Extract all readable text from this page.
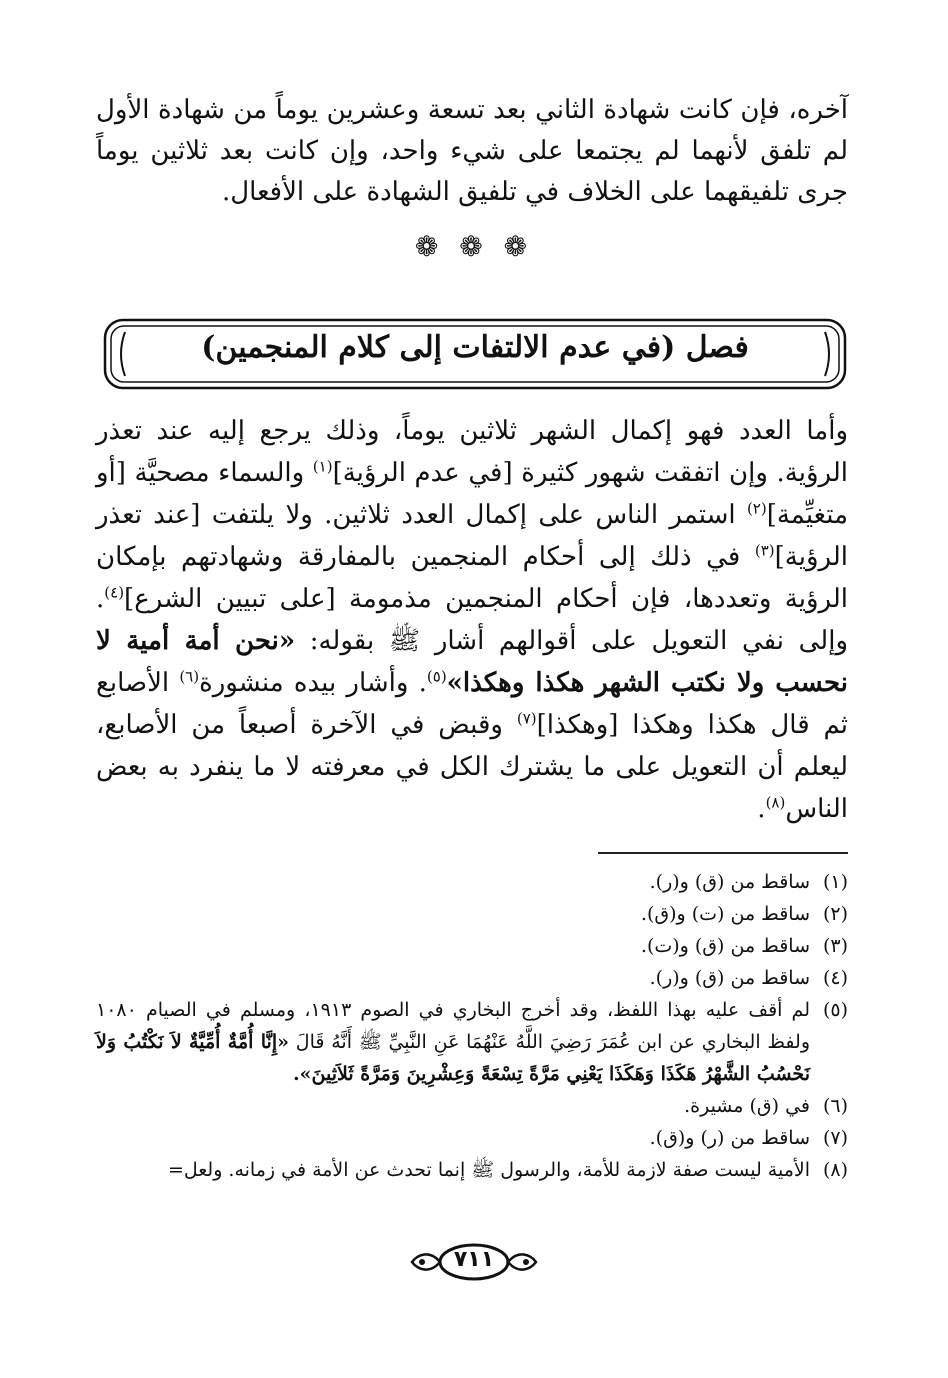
آخره، فإن كانت شهادة الثاني بعد تسعة وعشرين يوماً من شهادة الأول لم تلفق لأنهما لم يجتمعا على شيء واحد، وإن كانت بعد ثلاثين يوماً جرى تلفيقهما على الخلاف في تلفيق الشهادة على الأفعال.

❁ ❁ ❁
فصل (في عدم الالتفات إلى كلام المنجمين)

وأما العدد فهو إكمال الشهر ثلاثين يوماً، وذلك يرجع إليه عند تعذر الرؤية. وإن اتفقت شهور كثيرة [في عدم الرؤية]$^{(١)}$ والسماء مصحيَّة [أو متغيِّمة]$^{(٢)}$ استمر الناس على إكمال العدد ثلاثين. ولا يلتفت [عند تعذر الرؤية]$^{(٣)}$ في ذلك إلى أحكام المنجمين بالمفارقة وشهادتهم بإمكان الرؤية وتعددها، فإن أحكام المنجمين مذمومة [على تبيين الشرع]$^{(٤)}$. وإلى نفي التعويل على أقوالهم أشار ﷺ بقوله: «نحن أمة أمية لا نحسب ولا نكتب الشهر هكذا وهكذا»$^{(٥)}$. وأشار بيده منشورة$^{(٦)}$ الأصابع ثم قال هكذا وهكذا [وهكذا]$^{(٧)}$ وقبض في الآخرة أصبعاً من الأصابع، ليعلم أن التعويل على ما يشترك الكل في معرفته لا ما ينفرد به بعض الناس$^{(٨)}$.

(١)
ساقط من (ق) و(ر).
(٢)
ساقط من (ت) و(ق).
(٣)
ساقط من (ق) و(ت).
(٤)
ساقط من (ق) و(ر).
(٥)
لم أقف عليه بهذا اللفظ، وقد أخرج البخاري في الصوم ١٩١٣، ومسلم في الصيام ١٠٨٠ ولفظ البخاري عن ابن عُمَرَ رَضِيَ اللَّهُ عَنْهُمَا عَنِ النَّبِيِّ ﷺ أَنَّهُ قَالَ «إِنَّا أُمَّةٌ أُمِّيَّةٌ لاَ نَكْتُبُ وَلاَ نَحْسُبُ الشَّهْرُ هَكَذَا وَهَكَذَا يَعْنِي مَرَّةً تِسْعَةً وَعِشْرِينَ وَمَرَّةً ثَلاَثِينَ».
(٦)
في (ق) مشيرة.
(٧)
ساقط من (ر) و(ق).
(٨)
الأمية ليست صفة لازمة للأمة، والرسول ﷺ إنما تحدث عن الأمة في زمانه. ولعل=
٧١١
